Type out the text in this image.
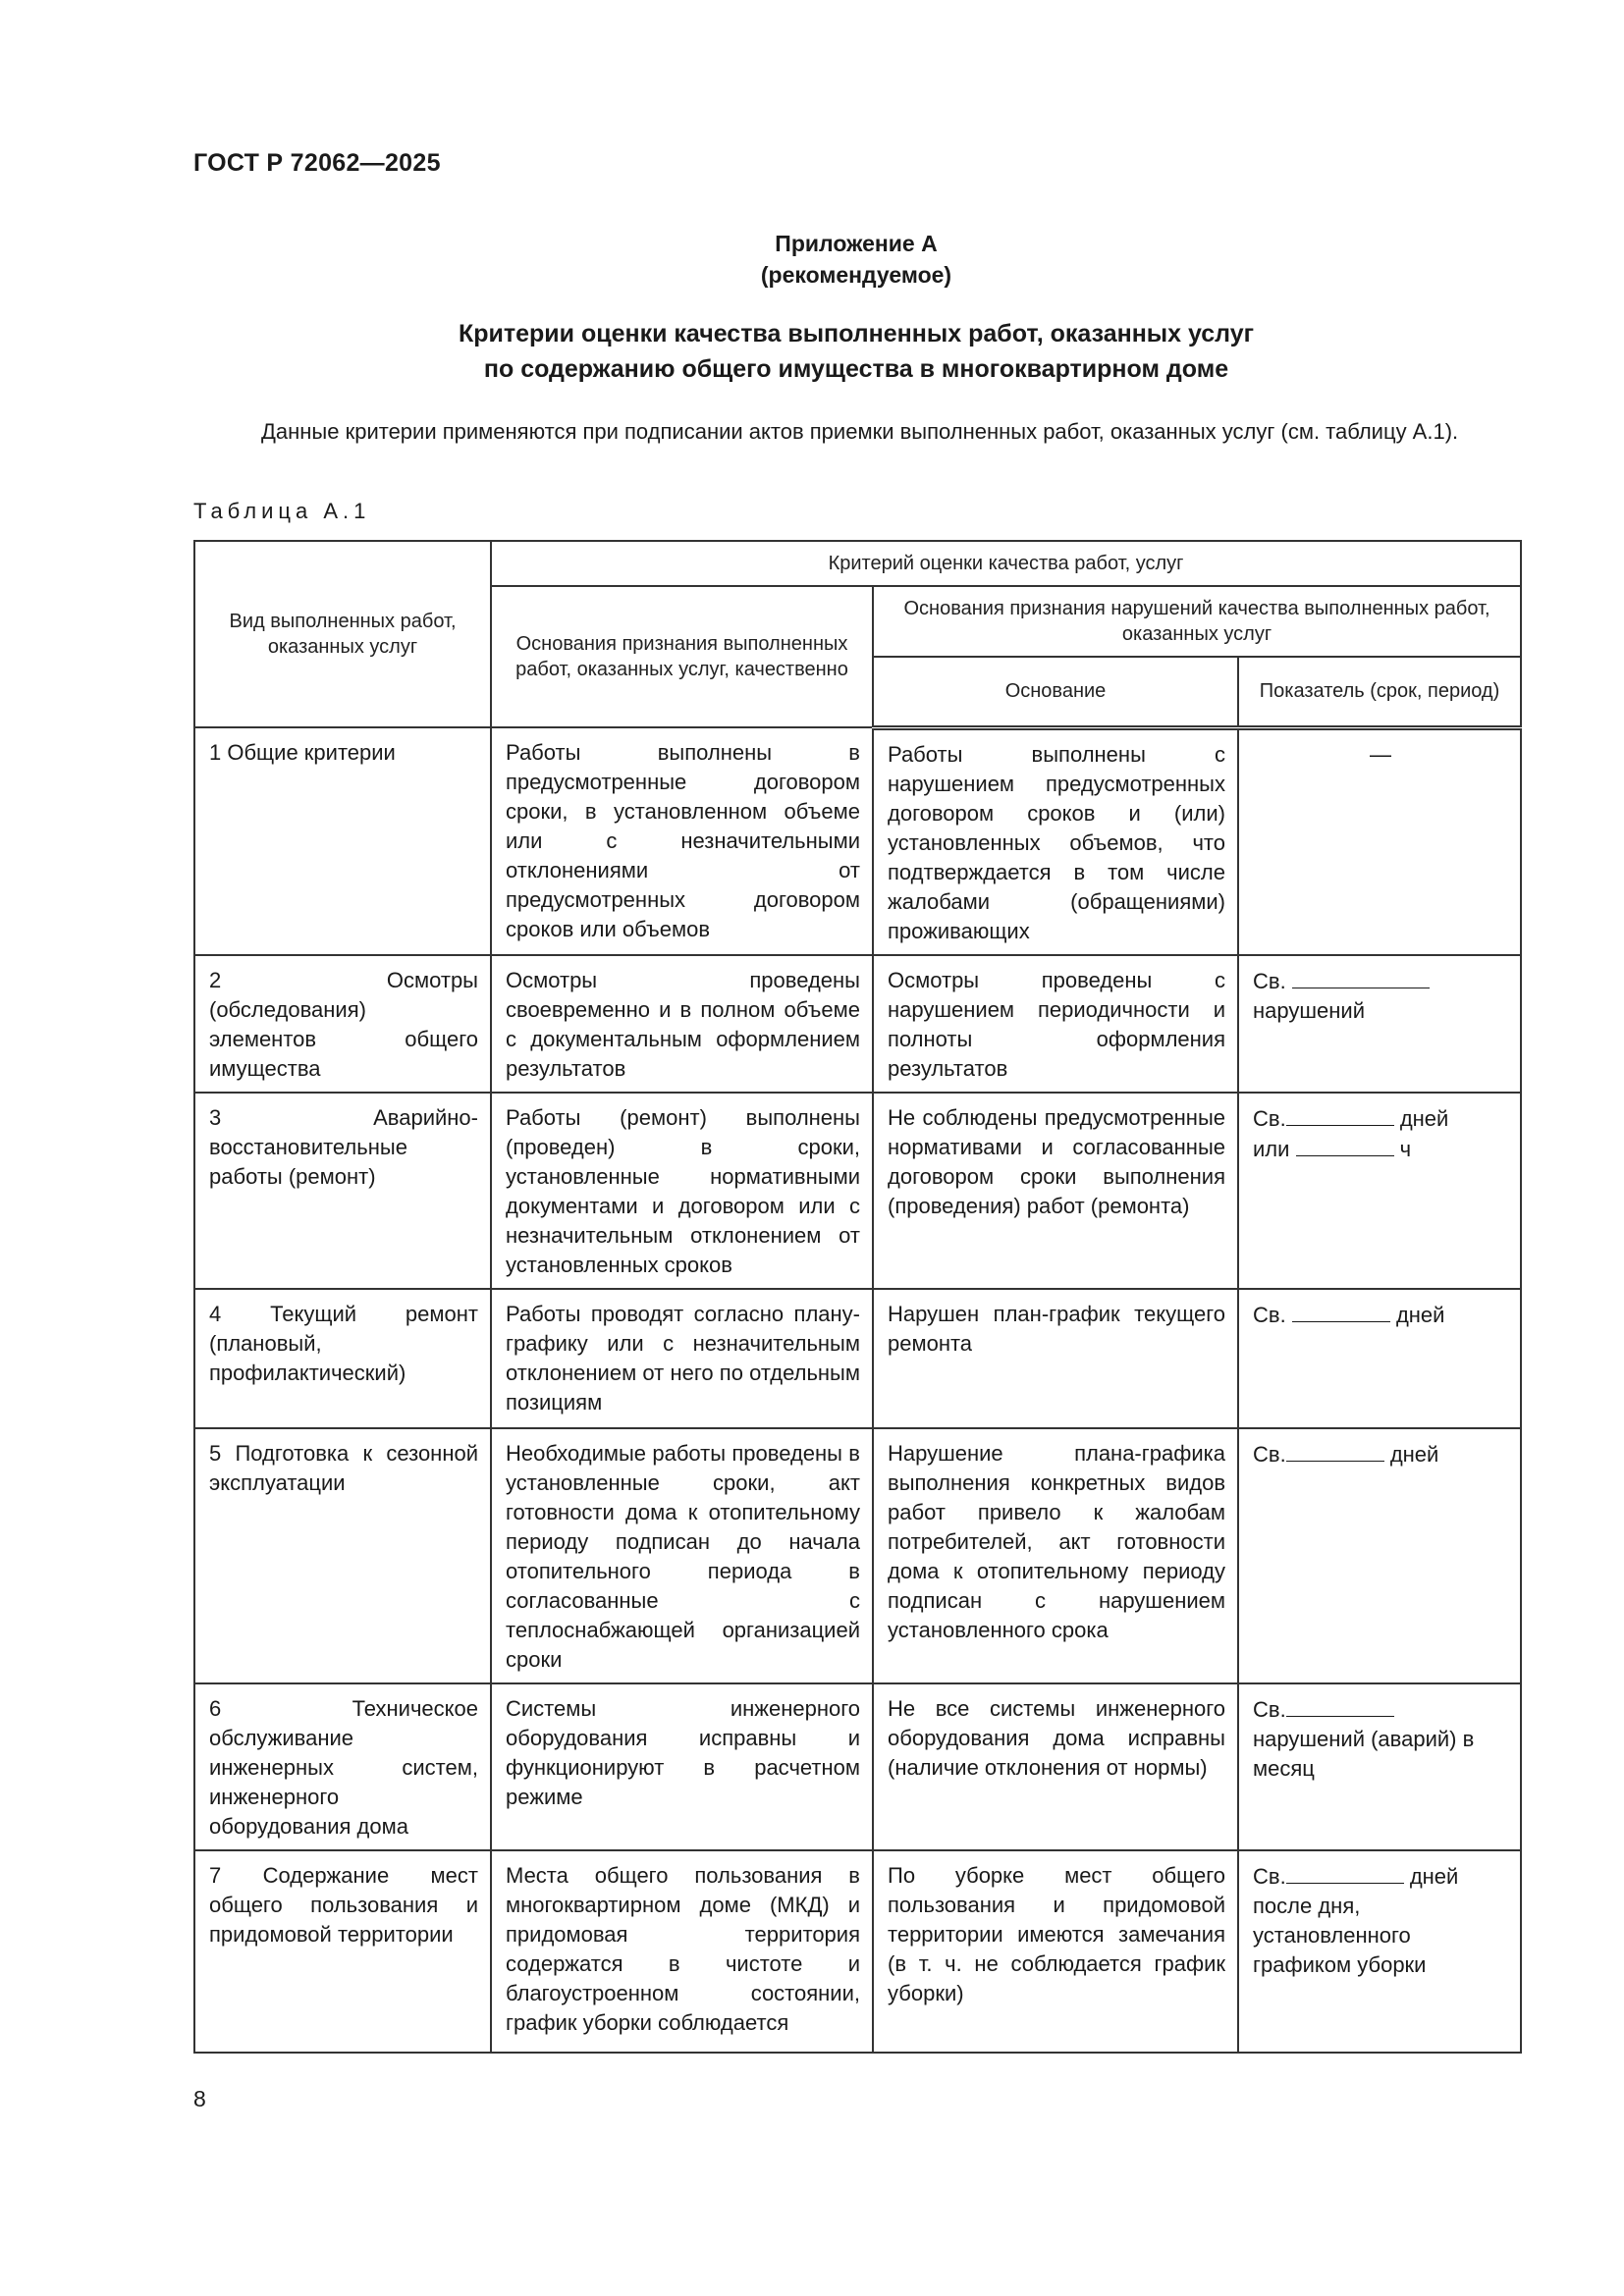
ГОСТ Р 72062—2025
Приложение А
(рекомендуемое)
Критерии оценки качества выполненных работ, оказанных услуг
по содержанию общего имущества в многоквартирном доме

Данные критерии применяются при подписании актов приемки выполненных работ, оказанных услуг (см. таблицу А.1).

Таблица А.1
Вид выполненных работ, оказанных услуг	Критерий оценки качества работ, услуг		
	Основания признания выполненных работ, оказанных услуг, качественно	Основания признания нарушений качества выполненных работ, оказанных услуг	
		Основание	Показатель (срок, период)
1 Общие критерии	Работы выполнены в предусмотренные договором сроки, в установленном объеме или с незначительными отклонениями от предусмотренных договором сроков или объемов	Работы выполнены с нарушением предусмотренных договором сроков и (или) установленных объемов, что подтверждается в том числе жалобами (обращениями) проживающих	—
2 Осмотры (обследования) элементов общего имущества	Осмотры проведены своевременно и в полном объеме с документальным оформлением результатов	Осмотры проведены с нарушением периодичности и полноты оформления результатов	Св.
нарушений
3 Аварийно-восстановительные работы (ремонт)	Работы (ремонт) выполнены (проведен) в сроки, установленные нормативными документами и договором или с незначительным отклонением от установленных сроков	Не соблюдены предусмотренные нормативами и согласованные договором сроки выполнения (проведения) работ (ремонта)	Св. дней
или ч
4 Текущий ремонт (плановый, профилактический)	Работы проводят согласно плану-графику или с незначительным отклонением от него по отдельным позициям	Нарушен план-график текущего ремонта	Св. дней
5 Подготовка к сезонной эксплуатации	Необходимые работы проведены в установленные сроки, акт готовности дома к отопительному периоду подписан до начала отопительного периода в согласованные с теплоснабжающей организацией сроки	Нарушение плана-графика выполнения конкретных видов работ привело к жалобам потребителей, акт готовности дома к отопительному периоду подписан с нарушением установленного срока	Св. дней
6 Техническое обслуживание инженерных систем, инженерного оборудования дома	Системы инженерного оборудования исправны и функционируют в расчетном режиме	Не все системы инженерного оборудования дома исправны (наличие отклонения от нормы)	Св. нарушений (аварий) в месяц
7 Содержание мест общего пользования и придомовой территории	Места общего пользования в многоквартирном доме (МКД) и придомовая территория содержатся в чистоте и благоустроенном состоянии, график уборки соблюдается	По уборке мест общего пользования и придомовой территории имеются замечания (в т. ч. не соблюдается график уборки)	Св. дней после дня, установленного графиком уборки
8
